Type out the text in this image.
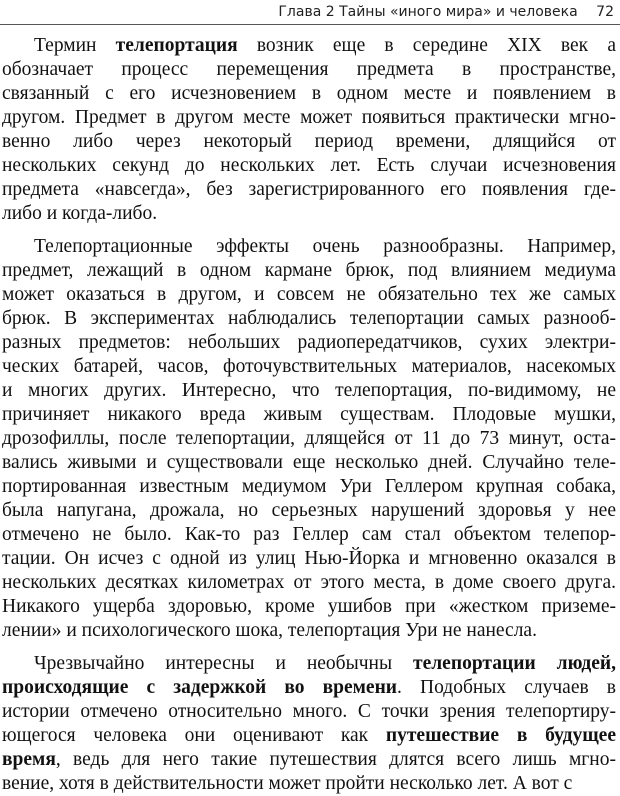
Глава 2 Тайны «иного мира» и человека 72

Термин телепортация возник еще в середине XIX век а
обозначает процесс перемещения предмета в пространстве,
связанный с его исчезновением в одном месте и появлением в
другом. Предмет в другом месте может появиться практически мгно-
венно либо через некоторый период времени, длящийся от
нескольких секунд до нескольких лет. Есть случаи исчезновения
предмета «навсегда», без зарегистрированного его появления где-
либо и когда-либо.

Телепортационные эффекты очень разнообразны. Например,
предмет, лежащий в одном кармане брюк, под влиянием медиума
может оказаться в другом, и совсем не обязательно тех же самых
брюк. В экспериментах наблюдались телепортации самых разнооб-
разных предметов: небольших радиопередатчиков, сухих электри-
ческих батарей, часов, фоточувствительных материалов, насекомых
и многих других. Интересно, что телепортация, по-видимому, не
причиняет никакого вреда живым существам. Плодовые мушки,
дрозофиллы, после телепортации, длящейся от 11 до 73 минут, оста-
вались живыми и существовали еще несколько дней. Случайно теле-
портированная известным медиумом Ури Геллером крупная собака,
была напугана, дрожала, но серьезных нарушений здоровья у нее
отмечено не было. Как-то раз Геллер сам стал объектом телепор-
тации. Он исчез с одной из улиц Нью-Йорка и мгновенно оказался в
нескольких десятках километрах от этого места, в доме своего друга.
Никакого ущерба здоровью, кроме ушибов при «жестком приземе-
лении» и психологического шока, телепортация Ури не нанесла.

Чрезвычайно интересны и необычны телепортации людей,
происходящие с задержкой во времени. Подобных случаев в
истории отмечено относительно много. С точки зрения телепортиру-
ющегося человека они оценивают как путешествие в будущее
время, ведь для него такие путешествия длятся всего лишь мгно-
вение, хотя в действительности может пройти несколько лет. А вот с
